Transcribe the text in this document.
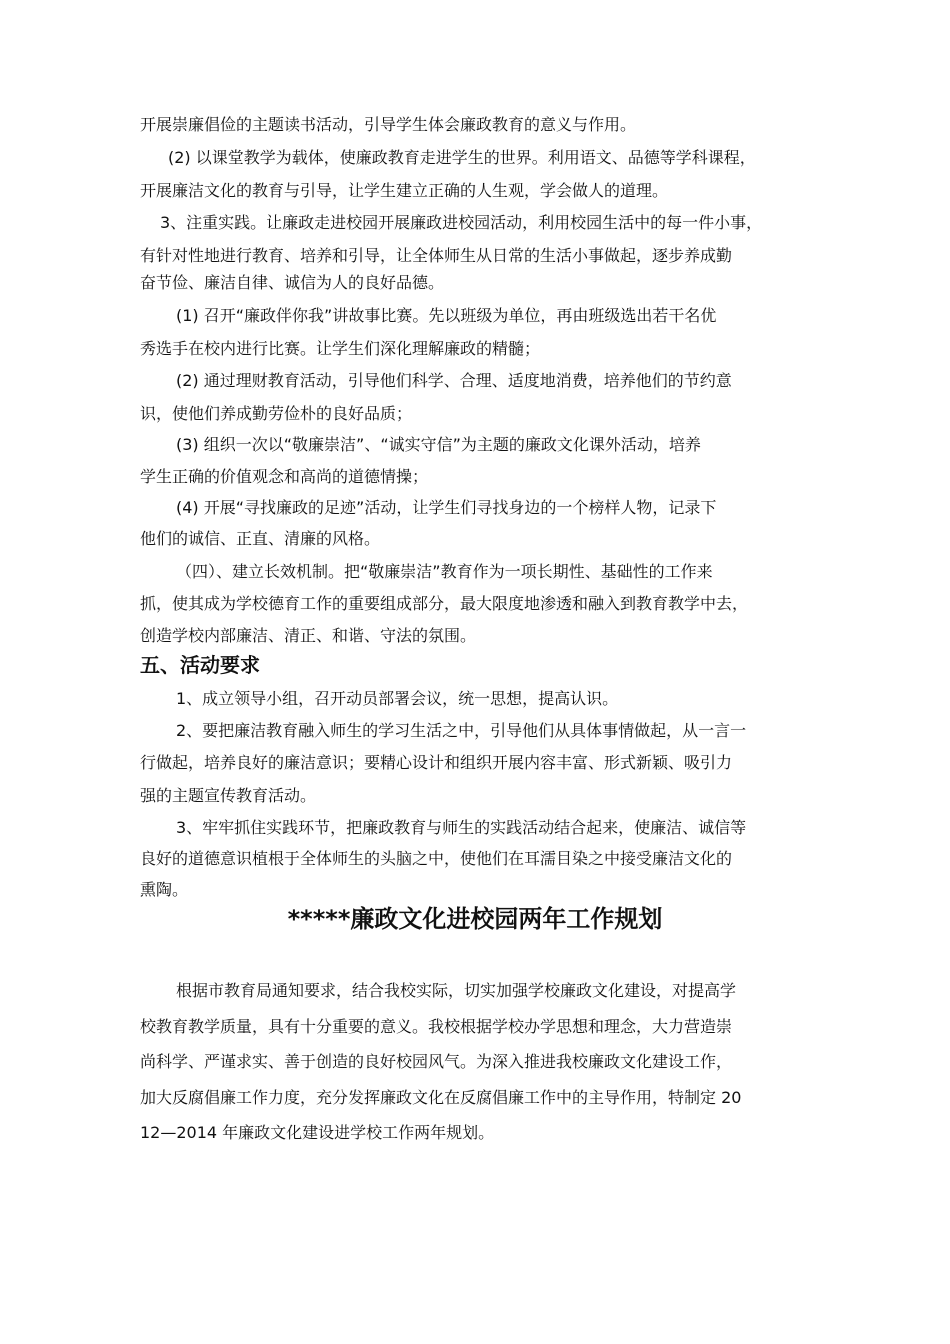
开展崇廉倡俭的主题读书活动，引导学生体会廉政教育的意义与作用。
(2) 以课堂教学为载体，使廉政教育走进学生的世界。利用语文、品德等学科课程，
开展廉洁文化的教育与引导，让学生建立正确的人生观，学会做人的道理。
3、注重实践。让廉政走进校园开展廉政进校园活动，利用校园生活中的每一件小事，
有针对性地进行教育、培养和引导，让全体师生从日常的生活小事做起，逐步养成勤
奋节俭、廉洁自律、诚信为人的良好品德。
(1) 召开“廉政伴你我”讲故事比赛。先以班级为单位，再由班级选出若干名优
秀选手在校内进行比赛。让学生们深化理解廉政的精髓；
(2) 通过理财教育活动，引导他们科学、合理、适度地消费，培养他们的节约意
识，使他们养成勤劳俭朴的良好品质；
(3) 组织一次以“敬廉崇洁”、“诚实守信”为主题的廉政文化课外活动，培养
学生正确的价值观念和高尚的道德情操；
(4) 开展“寻找廉政的足迹”活动，让学生们寻找身边的一个榜样人物，记录下
他们的诚信、正直、清廉的风格。
（四）、建立长效机制。把“敬廉崇洁”教育作为一项长期性、基础性的工作来
抓，使其成为学校德育工作的重要组成部分，最大限度地渗透和融入到教育教学中去，
创造学校内部廉洁、清正、和谐、守法的氛围。
五、活动要求
1、成立领导小组，召开动员部署会议，统一思想，提高认识。
2、要把廉洁教育融入师生的学习生活之中，引导他们从具体事情做起，从一言一
行做起，培养良好的廉洁意识；要精心设计和组织开展内容丰富、形式新颖、吸引力
强的主题宣传教育活动。
3、牢牢抓住实践环节，把廉政教育与师生的实践活动结合起来，使廉洁、诚信等
良好的道德意识植根于全体师生的头脑之中，使他们在耳濡目染之中接受廉洁文化的
熏陶。
*****廉政文化进校园两年工作规划
根据市教育局通知要求，结合我校实际，切实加强学校廉政文化建设，对提高学
校教育教学质量，具有十分重要的意义。我校根据学校办学思想和理念，大力营造崇
尚科学、严谨求实、善于创造的良好校园风气。为深入推进我校廉政文化建设工作，
加大反腐倡廉工作力度，充分发挥廉政文化在反腐倡廉工作中的主导作用，特制定 20
12—2014 年廉政文化建设进学校工作两年规划。
